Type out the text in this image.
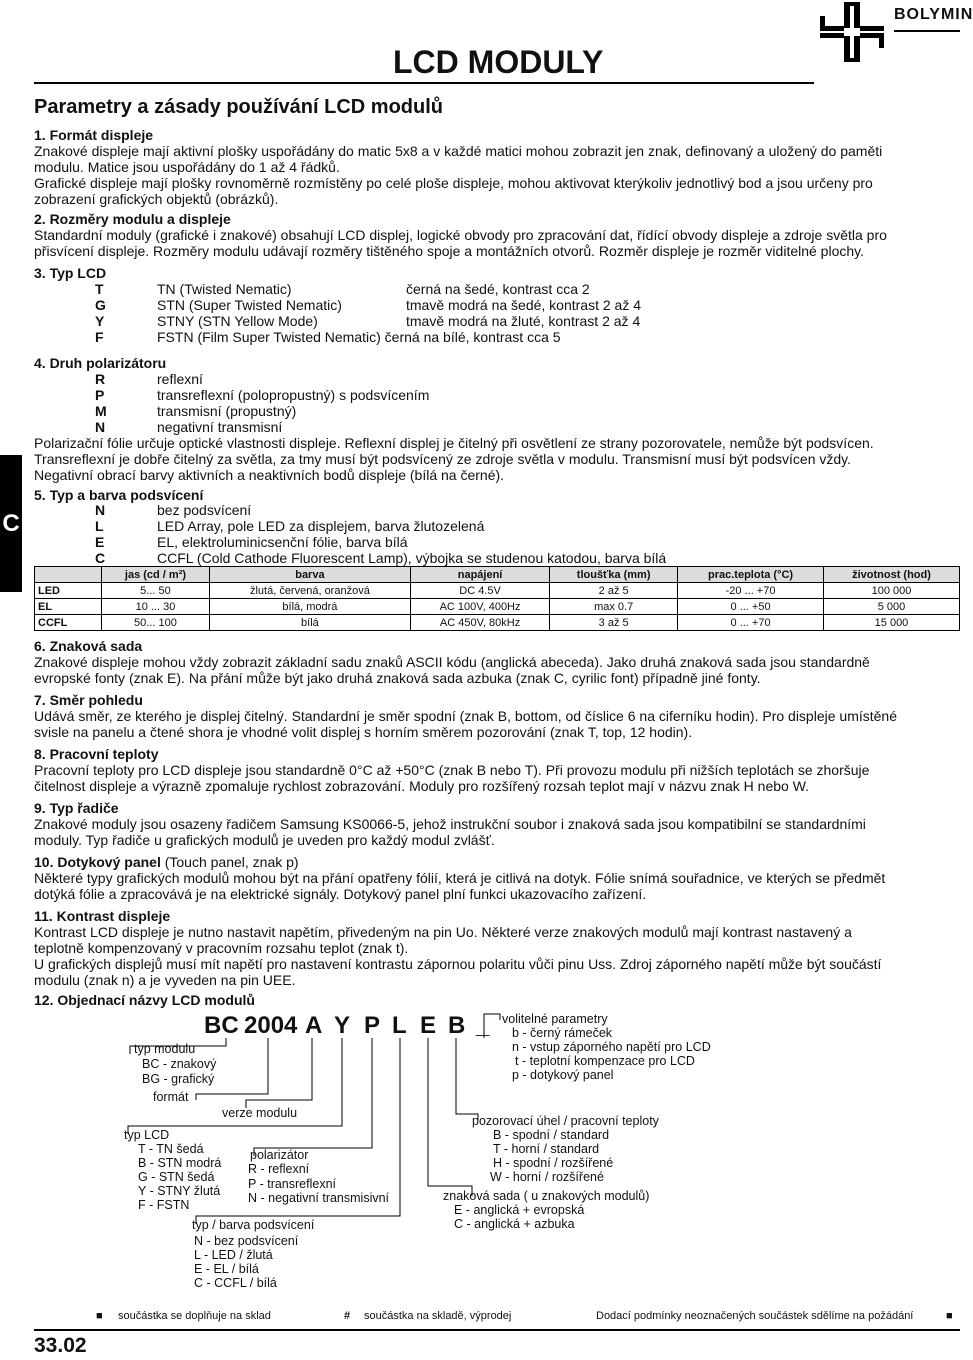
BOLYMIN
LCD MODULY
Parametry a zásady používání LCD modulů
C
1. Formát displeje
Znakové displeje mají aktivní plošky uspořádány do matic 5x8 a v každé matici mohou zobrazit jen znak, definovaný a uložený do paměti
modulu. Matice jsou uspořádány do 1 až 4 řádků.
Grafické displeje mají plošky rovnoměrně rozmístěny po celé ploše displeje, mohou aktivovat kterýkoliv jednotlivý bod a jsou určeny pro
zobrazení grafických objektů (obrázků).
2. Rozměry modulu a displeje
Standardní moduly (grafické i znakové) obsahují LCD displej, logické obvody pro zpracování dat, řídící obvody displeje a zdroje světla pro
přisvícení displeje. Rozměry modulu udávají rozměry tištěného spoje a montážních otvorů. Rozměr displeje je rozměr viditelné plochy.
3. Typ LCD
T	TN (Twisted Nematic)	černá na šedé, kontrast cca 2
G	STN (Super Twisted Nematic)	tmavě modrá na šedé, kontrast 2 až 4
Y	STNY (STN Yellow Mode)	tmavě modrá na žluté, kontrast 2 až 4
F	FSTN (Film Super Twisted Nematic) černá na bílé, kontrast cca 5
4. Druh polarizátoru
R	reflexní
P	transreflexní (polopropustný) s podsvícením
M	transmisní (propustný)
N	negativní transmisní
Polarizační fólie určuje optické vlastnosti displeje. Reflexní displej je čitelný při osvětlení ze strany pozorovatele, nemůže být podsvícen.
Transreflexní je dobře čitelný za světla, za tmy musí být podsvícený ze zdroje světla v modulu. Transmisní musí být podsvícen vždy.
Negativní obrací barvy aktivních a neaktivních bodů displeje (bílá na černé).
5. Typ a barva podsvícení
N	bez podsvícení
L	LED Array, pole LED za displejem, barva žlutozelená
E	EL, elektroluminicsenční fólie, barva bílá
C	CCFL (Cold Cathode Fluorescent Lamp), výbojka se studenou katodou, barva bílá
	jas (cd / m²)	barva	napájení	tloušťka (mm)	prac.teplota (°C)	životnost (hod)
LED	5... 50	žlutá, červená, oranžová	DC 4.5V	2 až 5	-20 ... +70	100 000
EL	10 ... 30	bílá, modrá	AC 100V, 400Hz	max 0.7	0 ... +50	5 000
CCFL	50... 100	bílá	AC 450V, 80kHz	3 až 5	0 ... +70	15 000
6. Znaková sada
Znakové displeje mohou vždy zobrazit základní sadu znaků ASCII kódu (anglická abeceda). Jako druhá znaková sada jsou standardně
evropské fonty (znak E). Na přání může být jako druhá znaková sada azbuka (znak C, cyrilic font) případně jiné fonty.
7. Směr pohledu
Udává směr, ze kterého je displej čitelný. Standardní je směr spodní (znak B, bottom, od číslice 6 na ciferníku hodin). Pro displeje umístěné
svisle na panelu a čtené shora je vhodné volit displej s horním směrem pozorování (znak T, top, 12 hodin).
8. Pracovní teploty
Pracovní teploty pro LCD displeje jsou standardně 0°C až +50°C (znak B nebo T). Při provozu modulu při nižších teplotách se zhoršuje
čitelnost displeje a výrazně zpomaluje rychlost zobrazování. Moduly pro rozšířený rozsah teplot mají v názvu znak H nebo W.
9. Typ řadiče
Znakové moduly jsou osazeny řadičem Samsung KS0066-5, jehož instrukční soubor i znaková sada jsou kompatibilní se standardními
moduly. Typ řadiče u grafických modulů je uveden pro každý modul zvlášť.
10. Dotykový panel (Touch panel, znak p)
Některé typy grafických modulů mohou být na přání opatřeny fólií, která je citlivá na dotyk. Fólie snímá souřadnice, ve kterých se předmět
dotýká fólie a zpracovává je na elektrické signály. Dotykový panel plní funkci ukazovacího zařízení.
11. Kontrast displeje
Kontrast LCD displeje je nutno nastavit napětím, přivedeným na pin Uo. Některé verze znakových modulů mají kontrast nastavený a
teplotně kompenzovaný v pracovním rozsahu teplot (znak t).
U grafických displejů musí mít napětí pro nastavení kontrastu zápornou polaritu vůči pinu Uss. Zdroj záporného napětí může být součástí
modulu (znak n) a je vyveden na pin UEE.
12. Objednací názvy LCD modulů
BC 2004 A Y P L E B _
typ modulu
BC - znakový
BG - grafický
formát
verze modulu
typ LCD
T - TN šedá
B - STN modrá
G - STN šedá
Y - STNY žlutá
F - FSTN
polarizátor
R - reflexní
P - transreflexní
N - negativní transmisivní
typ / barva podsvícení
N - bez podsvícení
L - LED / žlutá
E - EL / bílá
C - CCFL / bílá
volitelné parametry
b - černý rámeček
n - vstup záporného napětí pro LCD
t - teplotní kompenzace pro LCD
p - dotykový panel
pozorovací úhel / pracovní teploty
B - spodní / standard
T - horní / standard
H - spodní / rozšířené
W - horní / rozšířené
znaková sada ( u znakových modulů)
E - anglická + evropská
C - anglická + azbuka
■ součástka se doplňuje na sklad	# součástka na skladě, výprodej	Dodací podmínky neoznačených součástek sdělíme na požádání	■
33.02
